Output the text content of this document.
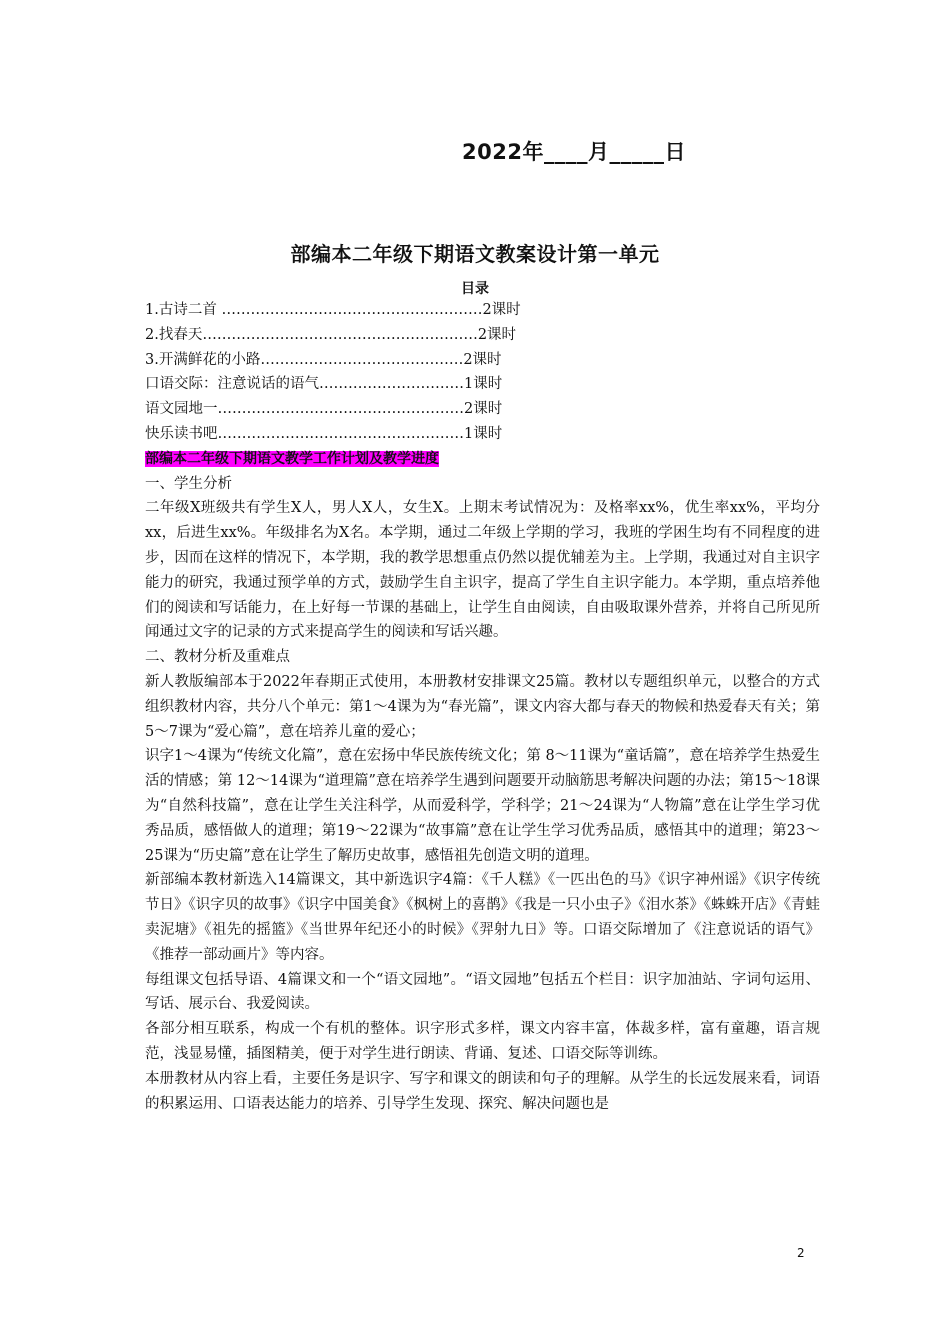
2022年____月_____日
部编本二年级下期语文教案设计第一单元
目录

1.古诗二首 ………………………………………………2课时

2.找春天…………………………………………………2课时

3.开满鲜花的小路……………………………………2课时

口语交际：注意说话的语气…………………………1课时

语文园地一……………………………………………2课时

快乐读书吧……………………………………………1课时

部编本二年级下期语文教学工作计划及教学进度

一、学生分析

二年级X班级共有学生X人，男人X人，女生X。上期末考试情况为：及格率xx%，优生率xx%，平均分xx，后进生xx%。年级排名为X名。本学期，通过二年级上学期的学习，我班的学困生均有不同程度的进步，因而在这样的情况下，本学期，我的教学思想重点仍然以提优辅差为主。上学期，我通过对自主识字能力的研究，我通过预学单的方式，鼓励学生自主识字，提高了学生自主识字能力。本学期，重点培养他们的阅读和写话能力，在上好每一节课的基础上，让学生自由阅读，自由吸取课外营养，并将自己所见所闻通过文字的记录的方式来提高学生的阅读和写话兴趣。

二、教材分析及重难点

新人教版编部本于2022年春期正式使用，本册教材安排课文25篇。教材以专题组织单元，以整合的方式组织教材内容，共分八个单元：第1～4课为为“春光篇”，课文内容大都与春天的物候和热爱春天有关；第5～7课为“爱心篇”，意在培养儿童的爱心；

识字1～4课为“传统文化篇”，意在宏扬中华民族传统文化；第 8～11课为“童话篇”，意在培养学生热爱生活的情感；第 12～14课为“道理篇”意在培养学生遇到问题要开动脑筋思考解决问题的办法；第15～18课为“自然科技篇”，意在让学生关注科学，从而爱科学，学科学；21～24课为“人物篇”意在让学生学习优秀品质，感悟做人的道理；第19～22课为“故事篇”意在让学生学习优秀品质，感悟其中的道理；第23～25课为“历史篇”意在让学生了解历史故事，感悟祖先创造文明的道理。

新部编本教材新选入14篇课文，其中新选识字4篇：《千人糕》《一匹出色的马》《识字神州谣》《识字传统节日》《识字贝的故事》《识字中国美食》《枫树上的喜鹊》《我是一只小虫子》《泪水茶》《蛛蛛开店》《青蛙卖泥塘》《祖先的摇篮》《当世界年纪还小的时候》《羿射九日》等。口语交际增加了《注意说话的语气》《推荐一部动画片》等内容。

每组课文包括导语、4篇课文和一个“语文园地”。“语文园地”包括五个栏目：识字加油站、字词句运用、写话、展示台、我爱阅读。

各部分相互联系，构成一个有机的整体。识字形式多样，课文内容丰富，体裁多样，富有童趣，语言规范，浅显易懂，插图精美，便于对学生进行朗读、背诵、复述、口语交际等训练。

本册教材从内容上看，主要任务是识字、写字和课文的朗读和句子的理解。从学生的长远发展来看，词语的积累运用、口语表达能力的培养、引导学生发现、探究、解决问题也是

2
